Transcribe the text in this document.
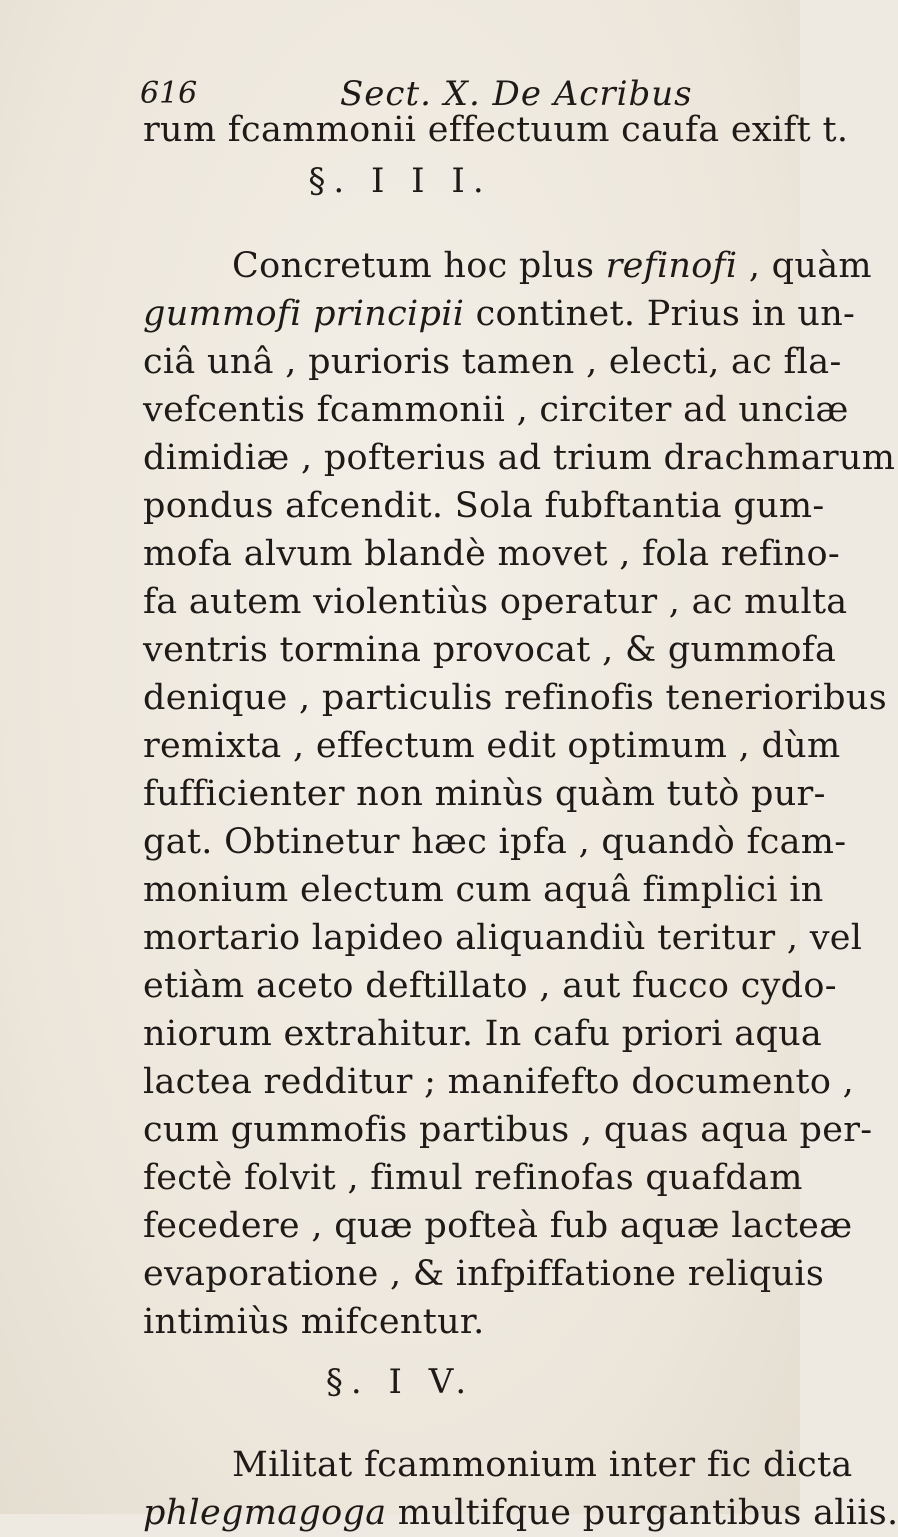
616	Sect. X. De Acribus
rum fcammonii effectuum caufa exift t.
§. I I I.
Concretum hoc plus refinofi , quàm
gummofi principii continet. Prius in un-
ciâ unâ , purioris tamen , electi, ac fla-
vefcentis fcammonii , circiter ad unciæ
dimidiæ , pofterius ad trium drachmarum
pondus afcendit. Sola fubftantia gum-
mofa alvum blandè movet , fola refino-
fa autem violentiùs operatur , ac multa
ventris tormina provocat , & gummofa
denique , particulis refinofis tenerioribus
remixta , effectum edit optimum , dùm
fufficienter non minùs quàm tutò pur-
gat. Obtinetur hæc ipfa , quandò fcam-
monium electum cum aquâ fimplici in
mortario lapideo aliquandiù teritur , vel
etiàm aceto deftillato , aut fucco cydo-
niorum extrahitur. In cafu priori aqua
lactea redditur ; manifefto documento ,
cum gummofis partibus , quas aqua per-
fectè folvit , fimul refinofas quafdam
fecedere , quæ pofteà fub aquæ lacteæ
evaporatione , & infpiffatione reliquis
intimiùs mifcentur.
§. I V.
Militat fcammonium inter fic dicta
phlegmagoga multifque purgantibus aliis.
